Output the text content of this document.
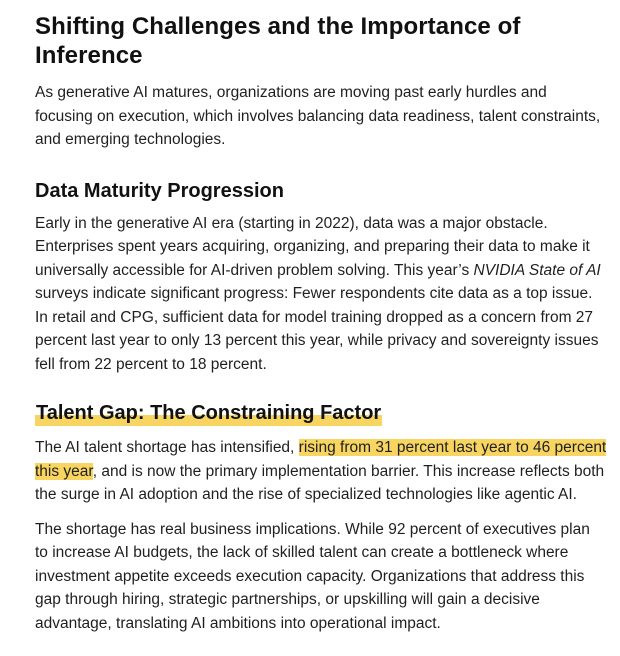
Shifting Challenges and the Importance of Inference

As generative AI matures, organizations are moving past early hurdles and focusing on execution, which involves balancing data readiness, talent constraints, and emerging technologies.

Data Maturity Progression

Early in the generative AI era (starting in 2022), data was a major obstacle. Enterprises spent years acquiring, organizing, and preparing their data to make it universally accessible for AI-driven problem solving. This year’s NVIDIA State of AI surveys indicate significant progress: Fewer respondents cite data as a top issue. In retail and CPG, sufficient data for model training dropped as a concern from 27 percent last year to only 13 percent this year, while privacy and sovereignty issues fell from 22 percent to 18 percent.

Talent Gap: The Constraining Factor

The AI talent shortage has intensified, rising from 31 percent last year to 46 percent this year, and is now the primary implementation barrier. This increase reflects both the surge in AI adoption and the rise of specialized technologies like agentic AI.

The shortage has real business implications. While 92 percent of executives plan to increase AI budgets, the lack of skilled talent can create a bottleneck where investment appetite exceeds execution capacity. Organizations that address this gap through hiring, strategic partnerships, or upskilling will gain a decisive advantage, translating AI ambitions into operational impact.
